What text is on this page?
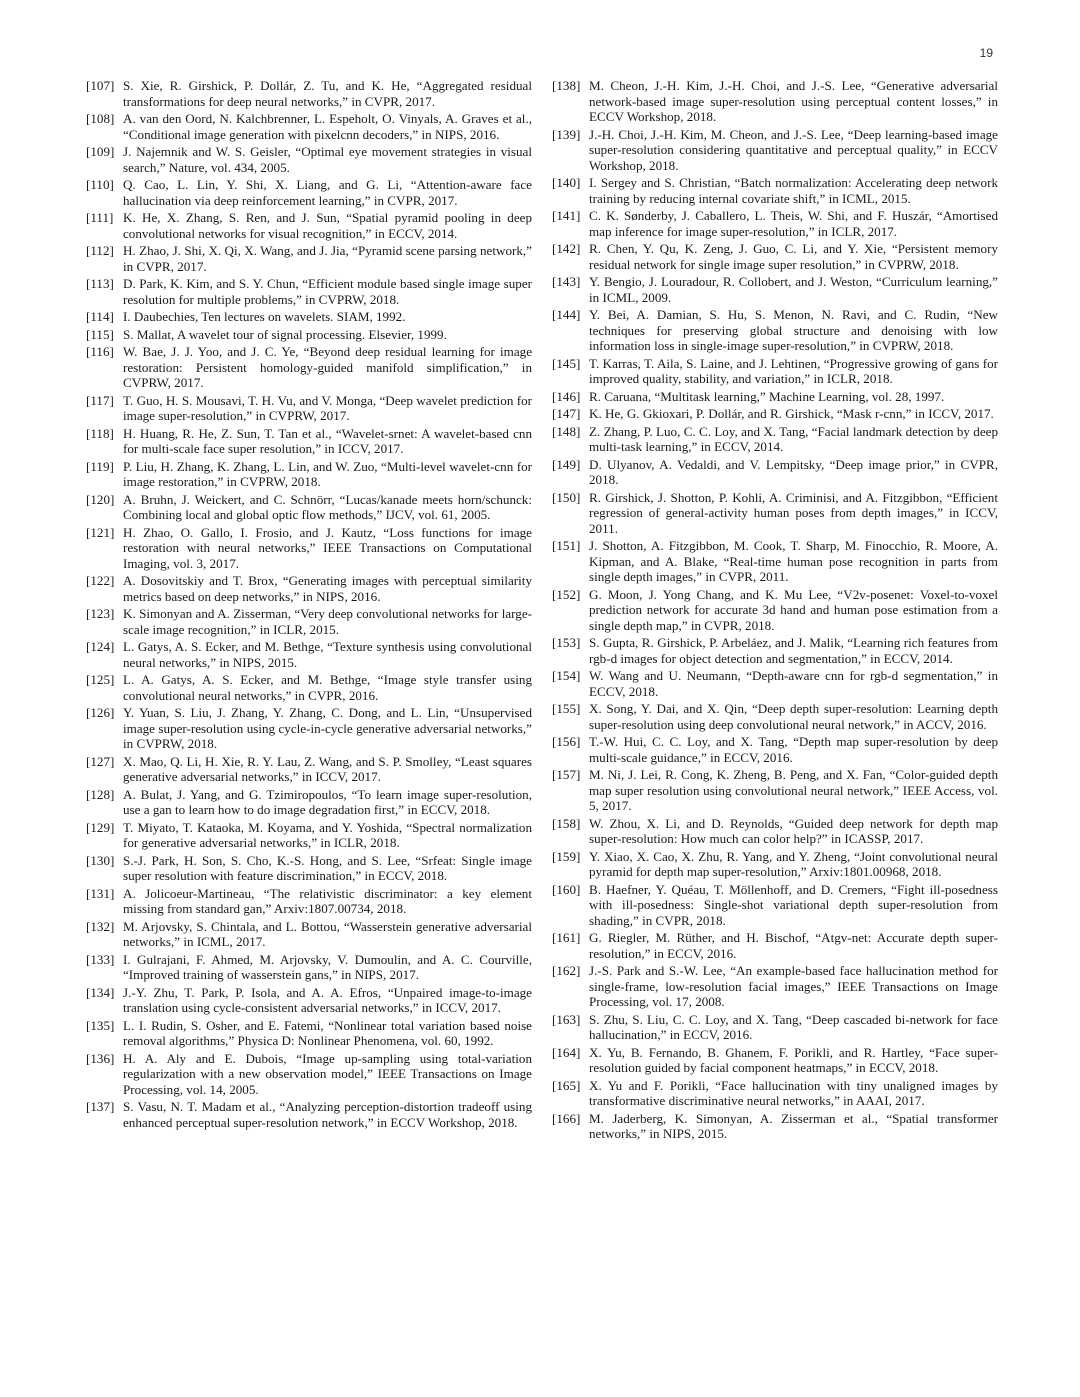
19
[107] S. Xie, R. Girshick, P. Dollár, Z. Tu, and K. He, “Aggregated residual transformations for deep neural networks,” in CVPR, 2017.
[108] A. van den Oord, N. Kalchbrenner, L. Espeholt, O. Vinyals, A. Graves et al., “Conditional image generation with pixelcnn decoders,” in NIPS, 2016.
[109] J. Najemnik and W. S. Geisler, “Optimal eye movement strategies in visual search,” Nature, vol. 434, 2005.
[110] Q. Cao, L. Lin, Y. Shi, X. Liang, and G. Li, “Attention-aware face hallucination via deep reinforcement learning,” in CVPR, 2017.
[111] K. He, X. Zhang, S. Ren, and J. Sun, “Spatial pyramid pooling in deep convolutional networks for visual recognition,” in ECCV, 2014.
[112] H. Zhao, J. Shi, X. Qi, X. Wang, and J. Jia, “Pyramid scene parsing network,” in CVPR, 2017.
[113] D. Park, K. Kim, and S. Y. Chun, “Efficient module based single image super resolution for multiple problems,” in CVPRW, 2018.
[114] I. Daubechies, Ten lectures on wavelets. SIAM, 1992.
[115] S. Mallat, A wavelet tour of signal processing. Elsevier, 1999.
[116] W. Bae, J. J. Yoo, and J. C. Ye, “Beyond deep residual learning for image restoration: Persistent homology-guided manifold simplification,” in CVPRW, 2017.
[117] T. Guo, H. S. Mousavi, T. H. Vu, and V. Monga, “Deep wavelet prediction for image super-resolution,” in CVPRW, 2017.
[118] H. Huang, R. He, Z. Sun, T. Tan et al., “Wavelet-srnet: A wavelet-based cnn for multi-scale face super resolution,” in ICCV, 2017.
[119] P. Liu, H. Zhang, K. Zhang, L. Lin, and W. Zuo, “Multi-level wavelet-cnn for image restoration,” in CVPRW, 2018.
[120] A. Bruhn, J. Weickert, and C. Schnörr, “Lucas/kanade meets horn/schunck: Combining local and global optic flow methods,” IJCV, vol. 61, 2005.
[121] H. Zhao, O. Gallo, I. Frosio, and J. Kautz, “Loss functions for image restoration with neural networks,” IEEE Transactions on Computational Imaging, vol. 3, 2017.
[122] A. Dosovitskiy and T. Brox, “Generating images with perceptual similarity metrics based on deep networks,” in NIPS, 2016.
[123] K. Simonyan and A. Zisserman, “Very deep convolutional networks for large-scale image recognition,” in ICLR, 2015.
[124] L. Gatys, A. S. Ecker, and M. Bethge, “Texture synthesis using convolutional neural networks,” in NIPS, 2015.
[125] L. A. Gatys, A. S. Ecker, and M. Bethge, “Image style transfer using convolutional neural networks,” in CVPR, 2016.
[126] Y. Yuan, S. Liu, J. Zhang, Y. Zhang, C. Dong, and L. Lin, “Unsupervised image super-resolution using cycle-in-cycle generative adversarial networks,” in CVPRW, 2018.
[127] X. Mao, Q. Li, H. Xie, R. Y. Lau, Z. Wang, and S. P. Smolley, “Least squares generative adversarial networks,” in ICCV, 2017.
[128] A. Bulat, J. Yang, and G. Tzimiropoulos, “To learn image super-resolution, use a gan to learn how to do image degradation first,” in ECCV, 2018.
[129] T. Miyato, T. Kataoka, M. Koyama, and Y. Yoshida, “Spectral normalization for generative adversarial networks,” in ICLR, 2018.
[130] S.-J. Park, H. Son, S. Cho, K.-S. Hong, and S. Lee, “Srfeat: Single image super resolution with feature discrimination,” in ECCV, 2018.
[131] A. Jolicoeur-Martineau, “The relativistic discriminator: a key element missing from standard gan,” Arxiv:1807.00734, 2018.
[132] M. Arjovsky, S. Chintala, and L. Bottou, “Wasserstein generative adversarial networks,” in ICML, 2017.
[133] I. Gulrajani, F. Ahmed, M. Arjovsky, V. Dumoulin, and A. C. Courville, “Improved training of wasserstein gans,” in NIPS, 2017.
[134] J.-Y. Zhu, T. Park, P. Isola, and A. A. Efros, “Unpaired image-to-image translation using cycle-consistent adversarial networks,” in ICCV, 2017.
[135] L. I. Rudin, S. Osher, and E. Fatemi, “Nonlinear total variation based noise removal algorithms,” Physica D: Nonlinear Phenomena, vol. 60, 1992.
[136] H. A. Aly and E. Dubois, “Image up-sampling using total-variation regularization with a new observation model,” IEEE Transactions on Image Processing, vol. 14, 2005.
[137] S. Vasu, N. T. Madam et al., “Analyzing perception-distortion tradeoff using enhanced perceptual super-resolution network,” in ECCV Workshop, 2018.
[138] M. Cheon, J.-H. Kim, J.-H. Choi, and J.-S. Lee, “Generative adversarial network-based image super-resolution using perceptual content losses,” in ECCV Workshop, 2018.
[139] J.-H. Choi, J.-H. Kim, M. Cheon, and J.-S. Lee, “Deep learning-based image super-resolution considering quantitative and perceptual quality,” in ECCV Workshop, 2018.
[140] I. Sergey and S. Christian, “Batch normalization: Accelerating deep network training by reducing internal covariate shift,” in ICML, 2015.
[141] C. K. Sønderby, J. Caballero, L. Theis, W. Shi, and F. Huszár, “Amortised map inference for image super-resolution,” in ICLR, 2017.
[142] R. Chen, Y. Qu, K. Zeng, J. Guo, C. Li, and Y. Xie, “Persistent memory residual network for single image super resolution,” in CVPRW, 2018.
[143] Y. Bengio, J. Louradour, R. Collobert, and J. Weston, “Curriculum learning,” in ICML, 2009.
[144] Y. Bei, A. Damian, S. Hu, S. Menon, N. Ravi, and C. Rudin, “New techniques for preserving global structure and denoising with low information loss in single-image super-resolution,” in CVPRW, 2018.
[145] T. Karras, T. Aila, S. Laine, and J. Lehtinen, “Progressive growing of gans for improved quality, stability, and variation,” in ICLR, 2018.
[146] R. Caruana, “Multitask learning,” Machine Learning, vol. 28, 1997.
[147] K. He, G. Gkioxari, P. Dollár, and R. Girshick, “Mask r-cnn,” in ICCV, 2017.
[148] Z. Zhang, P. Luo, C. C. Loy, and X. Tang, “Facial landmark detection by deep multi-task learning,” in ECCV, 2014.
[149] D. Ulyanov, A. Vedaldi, and V. Lempitsky, “Deep image prior,” in CVPR, 2018.
[150] R. Girshick, J. Shotton, P. Kohli, A. Criminisi, and A. Fitzgibbon, “Efficient regression of general-activity human poses from depth images,” in ICCV, 2011.
[151] J. Shotton, A. Fitzgibbon, M. Cook, T. Sharp, M. Finocchio, R. Moore, A. Kipman, and A. Blake, “Real-time human pose recognition in parts from single depth images,” in CVPR, 2011.
[152] G. Moon, J. Yong Chang, and K. Mu Lee, “V2v-posenet: Voxel-to-voxel prediction network for accurate 3d hand and human pose estimation from a single depth map,” in CVPR, 2018.
[153] S. Gupta, R. Girshick, P. Arbeláez, and J. Malik, “Learning rich features from rgb-d images for object detection and segmentation,” in ECCV, 2014.
[154] W. Wang and U. Neumann, “Depth-aware cnn for rgb-d segmentation,” in ECCV, 2018.
[155] X. Song, Y. Dai, and X. Qin, “Deep depth super-resolution: Learning depth super-resolution using deep convolutional neural network,” in ACCV, 2016.
[156] T.-W. Hui, C. C. Loy, and X. Tang, “Depth map super-resolution by deep multi-scale guidance,” in ECCV, 2016.
[157] M. Ni, J. Lei, R. Cong, K. Zheng, B. Peng, and X. Fan, “Color-guided depth map super resolution using convolutional neural network,” IEEE Access, vol. 5, 2017.
[158] W. Zhou, X. Li, and D. Reynolds, “Guided deep network for depth map super-resolution: How much can color help?” in ICASSP, 2017.
[159] Y. Xiao, X. Cao, X. Zhu, R. Yang, and Y. Zheng, “Joint convolutional neural pyramid for depth map super-resolution,” Arxiv:1801.00968, 2018.
[160] B. Haefner, Y. Quéau, T. Möllenhoff, and D. Cremers, “Fight ill-posedness with ill-posedness: Single-shot variational depth super-resolution from shading,” in CVPR, 2018.
[161] G. Riegler, M. Rüther, and H. Bischof, “Atgv-net: Accurate depth super-resolution,” in ECCV, 2016.
[162] J.-S. Park and S.-W. Lee, “An example-based face hallucination method for single-frame, low-resolution facial images,” IEEE Transactions on Image Processing, vol. 17, 2008.
[163] S. Zhu, S. Liu, C. C. Loy, and X. Tang, “Deep cascaded bi-network for face hallucination,” in ECCV, 2016.
[164] X. Yu, B. Fernando, B. Ghanem, F. Porikli, and R. Hartley, “Face super-resolution guided by facial component heatmaps,” in ECCV, 2018.
[165] X. Yu and F. Porikli, “Face hallucination with tiny unaligned images by transformative discriminative neural networks,” in AAAI, 2017.
[166] M. Jaderberg, K. Simonyan, A. Zisserman et al., “Spatial transformer networks,” in NIPS, 2015.
